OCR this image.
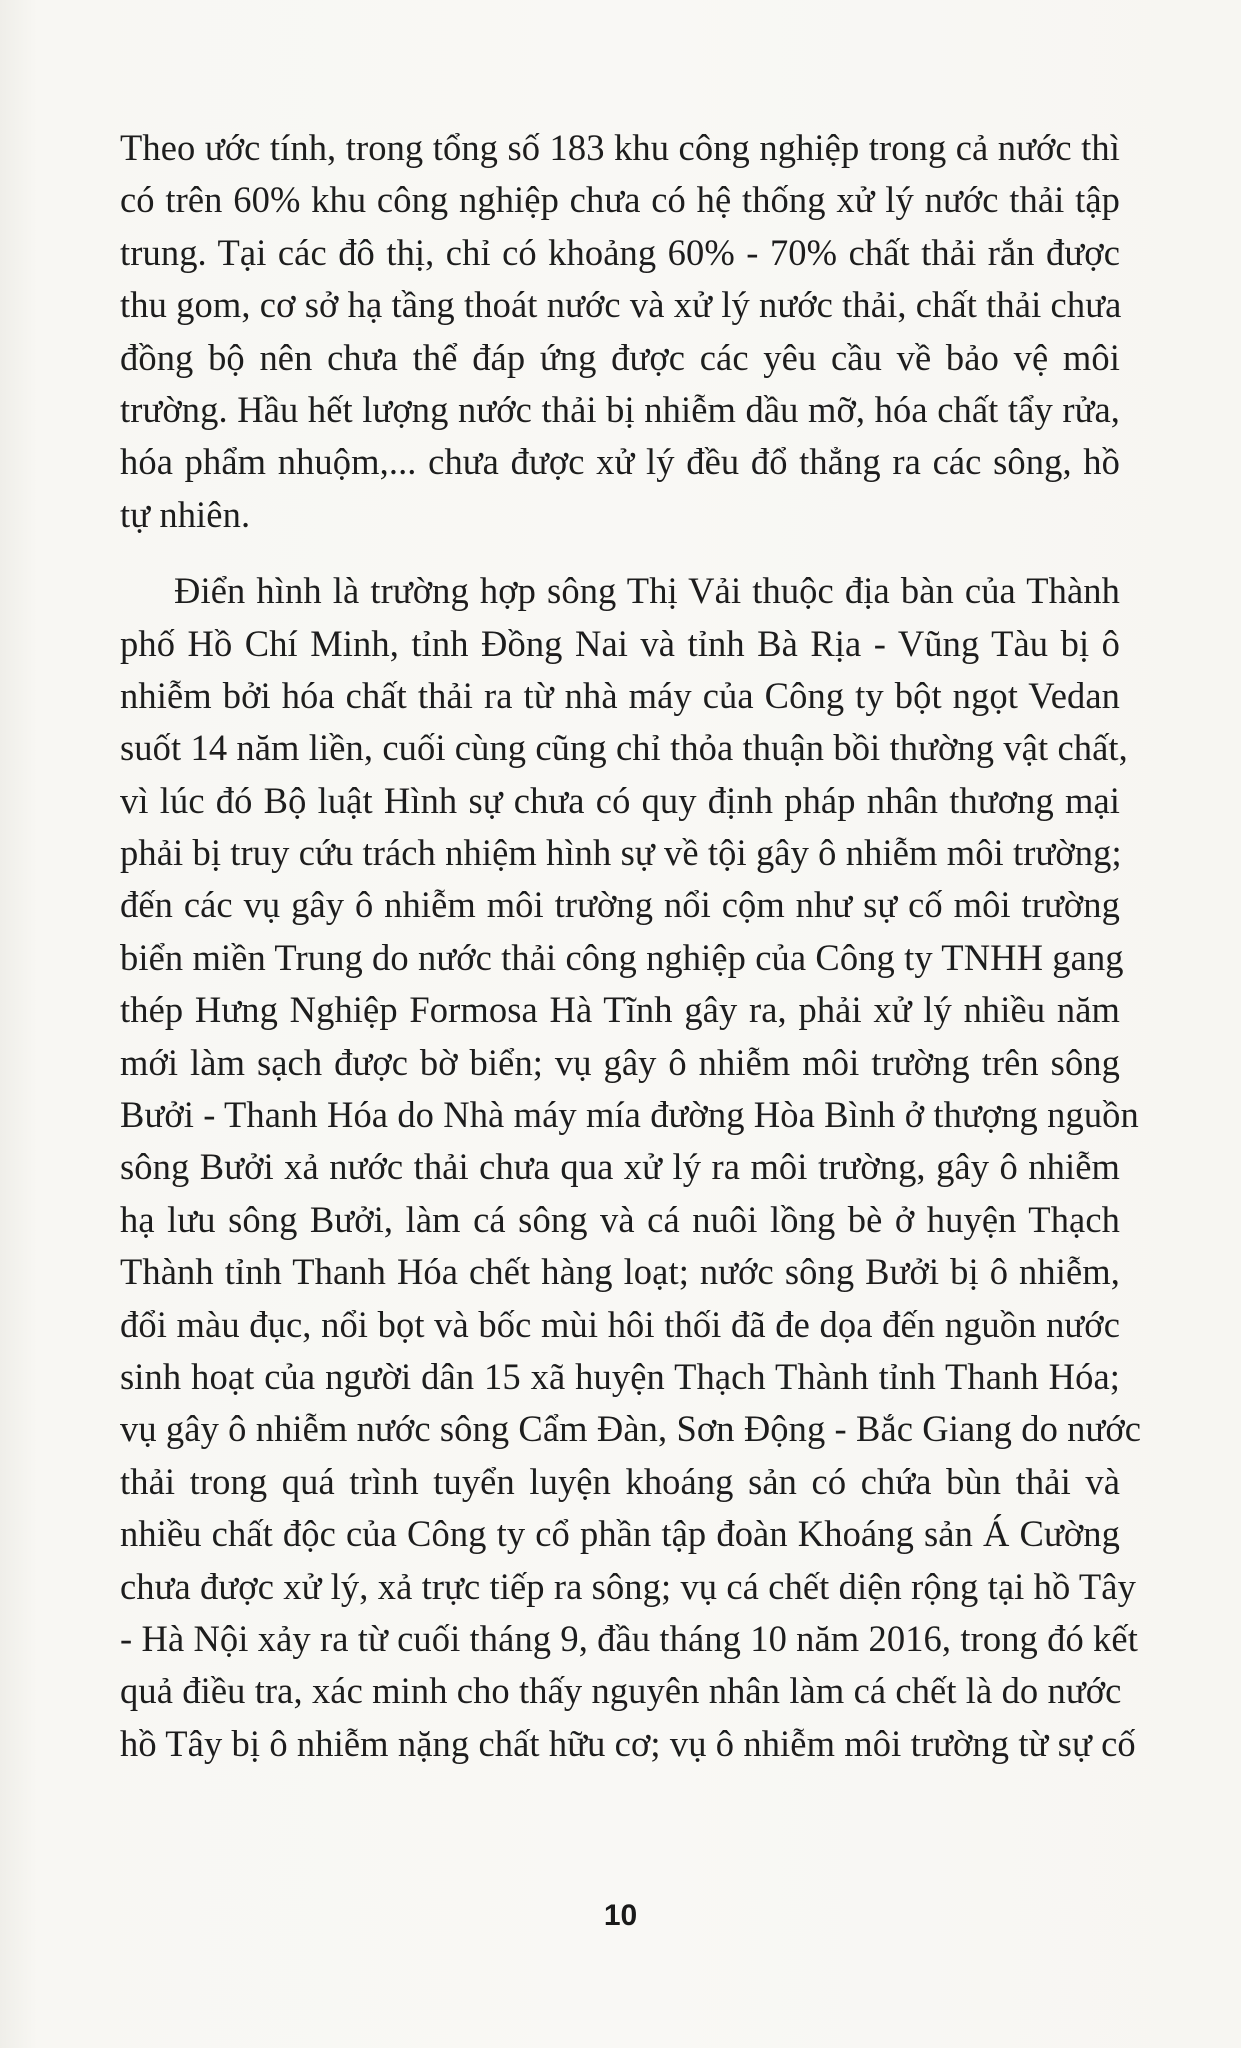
Theo ước tính, trong tổng số 183 khu công nghiệp trong cả nước thì
có trên 60% khu công nghiệp chưa có hệ thống xử lý nước thải tập
trung. Tại các đô thị, chỉ có khoảng 60% - 70% chất thải rắn được
thu gom, cơ sở hạ tầng thoát nước và xử lý nước thải, chất thải chưa
đồng bộ nên chưa thể đáp ứng được các yêu cầu về bảo vệ môi
trường. Hầu hết lượng nước thải bị nhiễm dầu mỡ, hóa chất tẩy rửa,
hóa phẩm nhuộm,... chưa được xử lý đều đổ thẳng ra các sông, hồ
tự nhiên.
Điển hình là trường hợp sông Thị Vải thuộc địa bàn của Thành
phố Hồ Chí Minh, tỉnh Đồng Nai và tỉnh Bà Rịa - Vũng Tàu bị ô
nhiễm bởi hóa chất thải ra từ nhà máy của Công ty bột ngọt Vedan
suốt 14 năm liền, cuối cùng cũng chỉ thỏa thuận bồi thường vật chất,
vì lúc đó Bộ luật Hình sự chưa có quy định pháp nhân thương mại
phải bị truy cứu trách nhiệm hình sự về tội gây ô nhiễm môi trường;
đến các vụ gây ô nhiễm môi trường nổi cộm như sự cố môi trường
biển miền Trung do nước thải công nghiệp của Công ty TNHH gang
thép Hưng Nghiệp Formosa Hà Tĩnh gây ra, phải xử lý nhiều năm
mới làm sạch được bờ biển; vụ gây ô nhiễm môi trường trên sông
Bưởi - Thanh Hóa do Nhà máy mía đường Hòa Bình ở thượng nguồn
sông Bưởi xả nước thải chưa qua xử lý ra môi trường, gây ô nhiễm
hạ lưu sông Bưởi, làm cá sông và cá nuôi lồng bè ở huyện Thạch
Thành tỉnh Thanh Hóa chết hàng loạt; nước sông Bưởi bị ô nhiễm,
đổi màu đục, nổi bọt và bốc mùi hôi thối đã đe dọa đến nguồn nước
sinh hoạt của người dân 15 xã huyện Thạch Thành tỉnh Thanh Hóa;
vụ gây ô nhiễm nước sông Cẩm Đàn, Sơn Động - Bắc Giang do nước
thải trong quá trình tuyển luyện khoáng sản có chứa bùn thải và
nhiều chất độc của Công ty cổ phần tập đoàn Khoáng sản Á Cường
chưa được xử lý, xả trực tiếp ra sông; vụ cá chết diện rộng tại hồ Tây
- Hà Nội xảy ra từ cuối tháng 9, đầu tháng 10 năm 2016, trong đó kết
quả điều tra, xác minh cho thấy nguyên nhân làm cá chết là do nước
hồ Tây bị ô nhiễm nặng chất hữu cơ; vụ ô nhiễm môi trường từ sự cố
10
